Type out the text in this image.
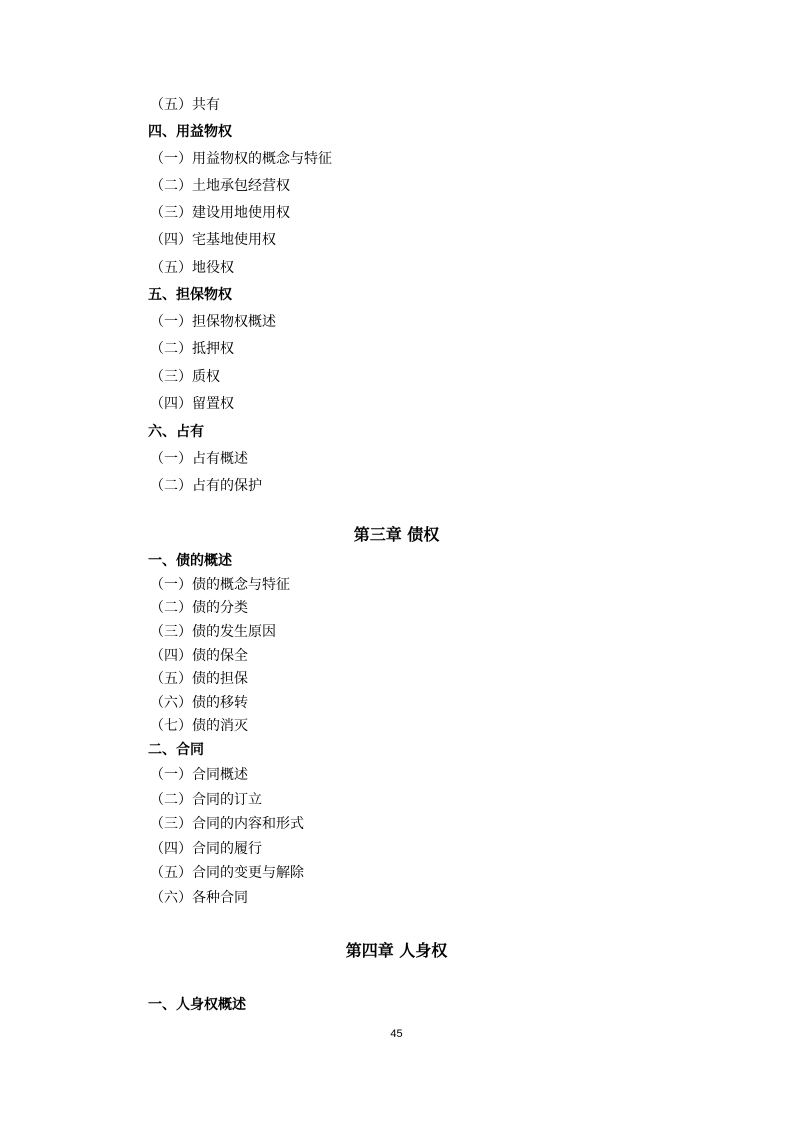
（五）共有
四、用益物权
（一）用益物权的概念与特征
（二）土地承包经营权
（三）建设用地使用权
（四）宅基地使用权
（五）地役权
五、担保物权
（一）担保物权概述
（二）抵押权
（三）质权
（四）留置权
六、占有
（一）占有概述
（二）占有的保护
第三章 债权
一、债的概述
（一）债的概念与特征
（二）债的分类
（三）债的发生原因
（四）债的保全
（五）债的担保
（六）债的移转
（七）债的消灭
二、合同
（一）合同概述
（二）合同的订立
（三）合同的内容和形式
（四）合同的履行
（五）合同的变更与解除
（六）各种合同
第四章 人身权
一、人身权概述
45
